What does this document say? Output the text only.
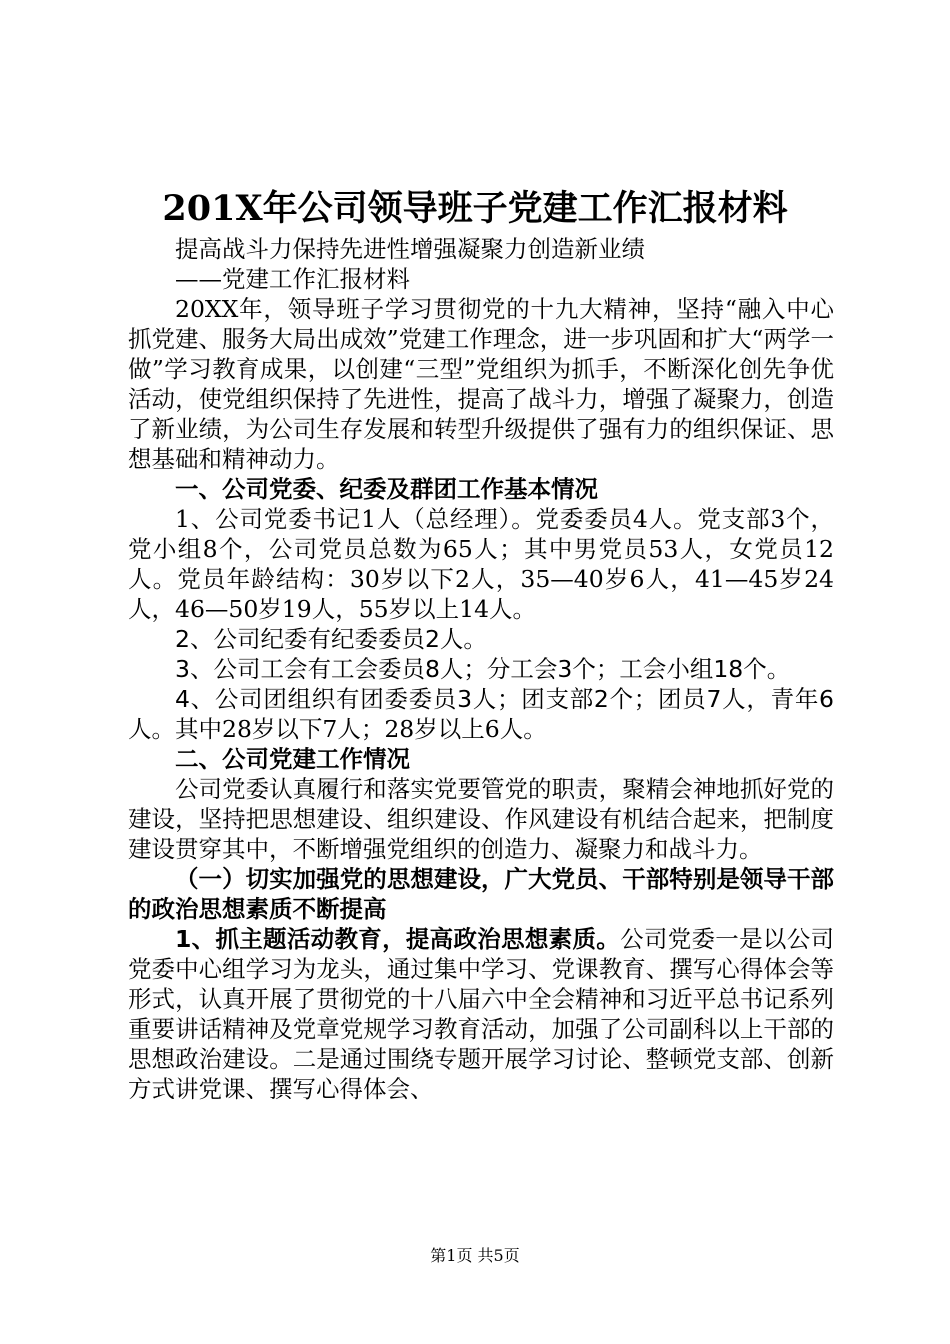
201X年公司领导班子党建工作汇报材料

提高战斗力保持先进性增强凝聚力创造新业绩

——党建工作汇报材料

20XX年，领导班子学习贯彻党的十九大精神，坚持“融入中心抓党建、服务大局出成效”党建工作理念，进一步巩固和扩大“两学一做”学习教育成果，以创建“三型”党组织为抓手，不断深化创先争优活动，使党组织保持了先进性，提高了战斗力，增强了凝聚力，创造了新业绩，为公司生存发展和转型升级提供了强有力的组织保证、思想基础和精神动力。

一、公司党委、纪委及群团工作基本情况

1、公司党委书记1人（总经理）。党委委员4人。党支部3个，党小组8个，公司党员总数为65人；其中男党员53人，女党员12人。党员年龄结构：30岁以下2人，35—40岁6人，41—45岁24人，46—50岁19人，55岁以上14人。

2、公司纪委有纪委委员2人。

3、公司工会有工会委员8人；分工会3个；工会小组18个。

4、公司团组织有团委委员3人；团支部2个；团员7人，青年6人。其中28岁以下7人；28岁以上6人。

二、公司党建工作情况

公司党委认真履行和落实党要管党的职责，聚精会神地抓好党的建设，坚持把思想建设、组织建设、作风建设有机结合起来，把制度建设贯穿其中，不断增强党组织的创造力、凝聚力和战斗力。

（一）切实加强党的思想建设，广大党员、干部特别是领导干部的政治思想素质不断提高

1、抓主题活动教育，提高政治思想素质。公司党委一是以公司党委中心组学习为龙头，通过集中学习、党课教育、撰写心得体会等形式，认真开展了贯彻党的十八届六中全会精神和习近平总书记系列重要讲话精神及党章党规学习教育活动，加强了公司副科以上干部的思想政治建设。二是通过围绕专题开展学习讨论、整顿党支部、创新方式讲党课、撰写心得体会、

第1页 共5页
